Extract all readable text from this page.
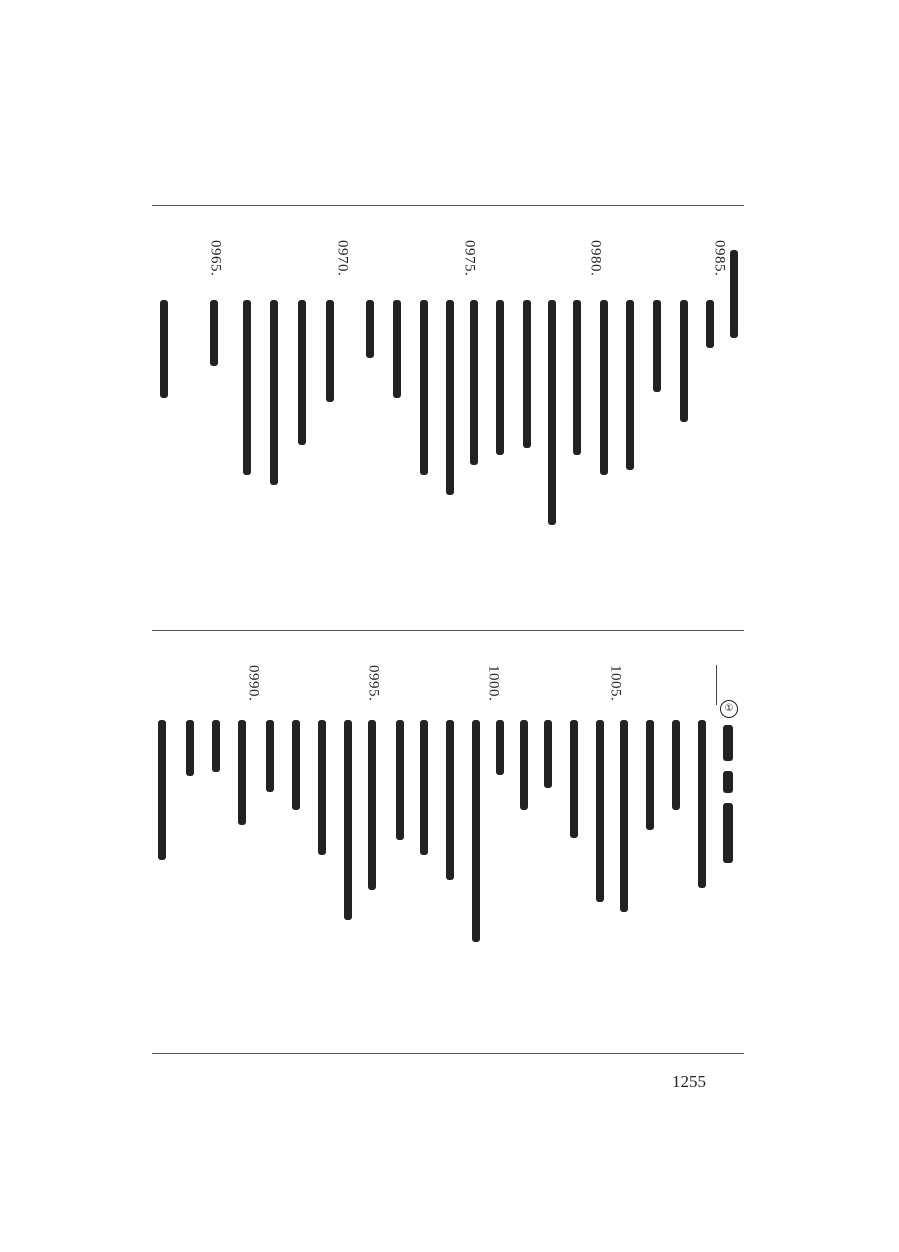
0965.	0970.	0975.	0980.	0985.
0990.	0995.	1000.	1005.
①
1255
